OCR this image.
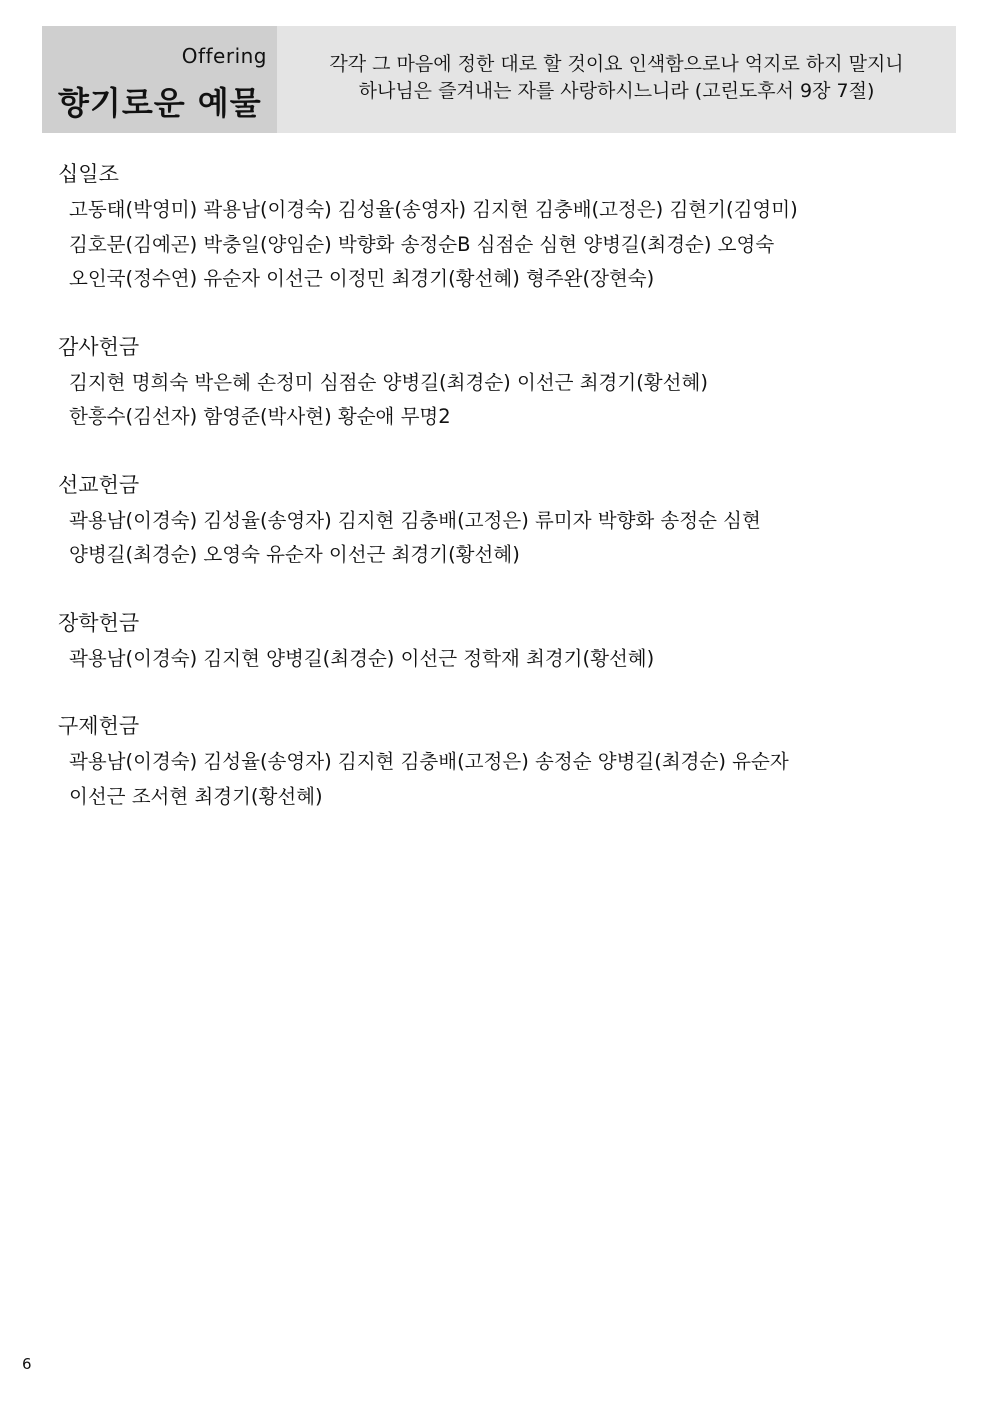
Offering
향기로운 예물
각각 그 마음에 정한 대로 할 것이요 인색함으로나 억지로 하지 말지니
하나님은 즐겨내는 자를 사랑하시느니라 (고린도후서 9장 7절)
십일조
고동태(박영미) 곽용남(이경숙) 김성율(송영자) 김지현 김충배(고정은) 김현기(김영미)
김호문(김예곤) 박충일(양임순) 박향화 송정순B 심점순 심현 양병길(최경순) 오영숙
오인국(정수연) 유순자 이선근 이정민 최경기(황선혜) 형주완(장현숙)
감사헌금
김지현 명희숙 박은혜 손정미 심점순 양병길(최경순) 이선근 최경기(황선혜)
한흥수(김선자) 함영준(박사현) 황순애 무명2
선교헌금
곽용남(이경숙) 김성율(송영자) 김지현 김충배(고정은) 류미자 박향화 송정순 심현
양병길(최경순) 오영숙 유순자 이선근 최경기(황선혜)
장학헌금
곽용남(이경숙) 김지현 양병길(최경순) 이선근 정학재 최경기(황선혜)
구제헌금
곽용남(이경숙) 김성율(송영자) 김지현 김충배(고정은) 송정순 양병길(최경순) 유순자
이선근 조서현 최경기(황선혜)
6
